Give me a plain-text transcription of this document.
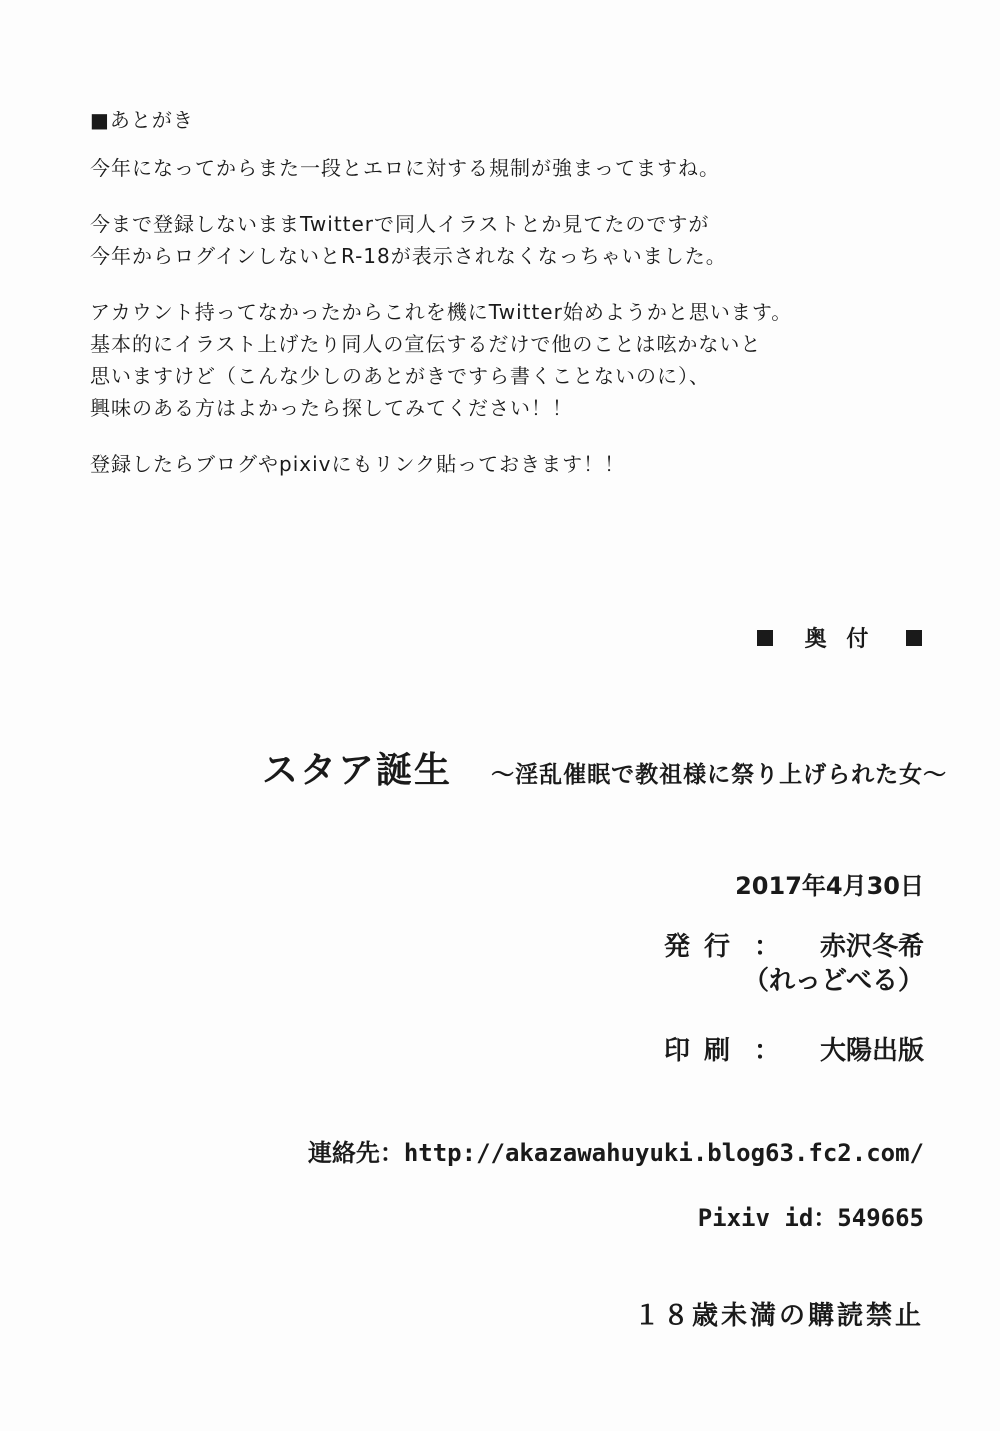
■あとがき

今年になってからまた一段とエロに対する規制が強まってますね。

今まで登録しないままTwitterで同人イラストとか見てたのですが
今年からログインしないとR-18が表示されなくなっちゃいました。

アカウント持ってなかったからこれを機にTwitter始めようかと思います。
基本的にイラスト上げたり同人の宣伝するだけで他のことは呟かないと
思いますけど（こんな少しのあとがきですら書くことないのに）、
興味のある方はよかったら探してみてください！！

登録したらブログやpixivにもリンク貼っておきます！！

奥 付
スタア誕生 ～淫乱催眠で教祖様に祭り上げられた女～
2017年4月30日
発行 ： 赤沢冬希
（れっどべる）
印刷 ： 大陽出版
連絡先：http://akazawahuyuki.blog63.fc2.com/
Pixiv id：549665
１８歳未満の購読禁止
